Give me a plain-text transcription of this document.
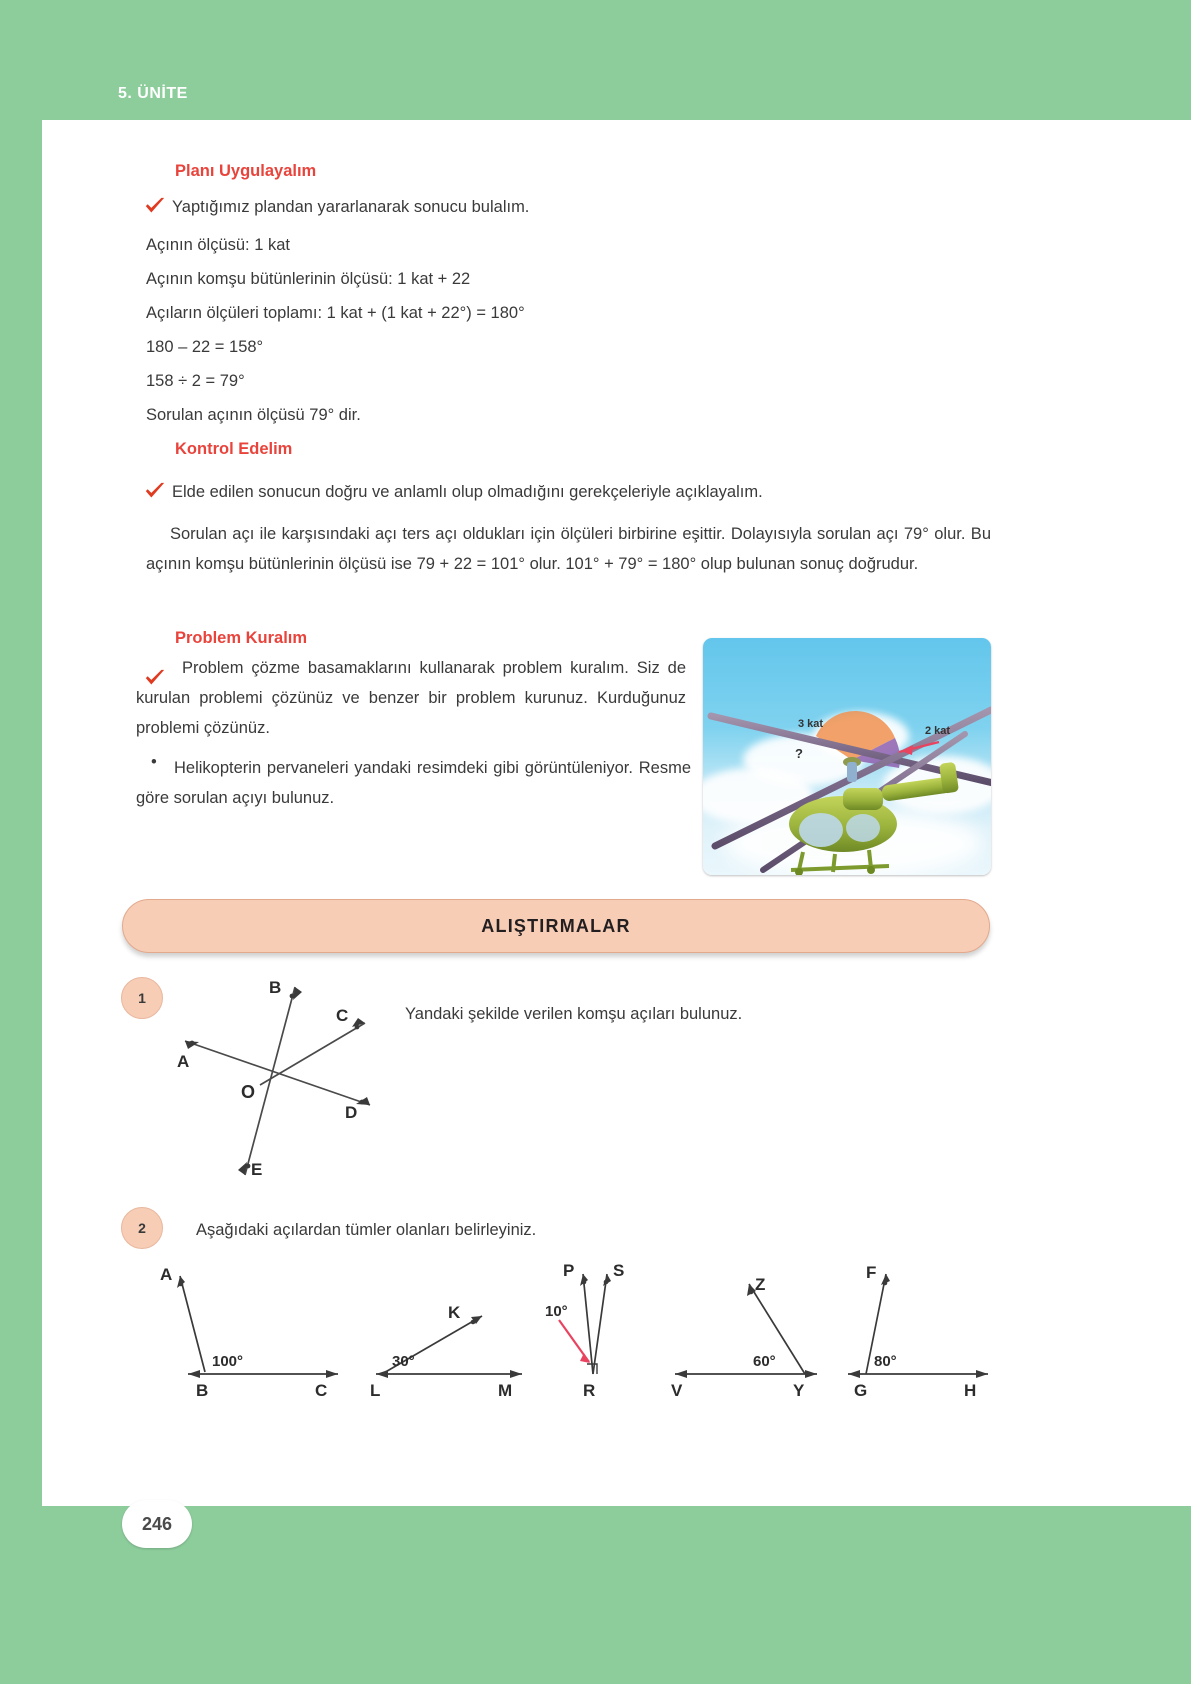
5. ÜNİTE
Planı Uygulayalım
Yaptığımız plandan yararlanarak sonucu bulalım.
Açının ölçüsü: 1 kat
Açının komşu bütünlerinin ölçüsü: 1 kat + 22
Açıların ölçüleri toplamı: 1 kat + (1 kat + 22°) = 180°
180 – 22 = 158°
158 ÷ 2 = 79°
Sorulan açının ölçüsü 79° dir.
Kontrol Edelim
Elde edilen sonucun doğru ve anlamlı olup olmadığını gerekçeleriyle açıklayalım.
Sorulan açı ile karşısındaki açı ters açı oldukları için ölçüleri birbirine eşittir. Dolayısıyla sorulan açı 79° olur. Bu açının komşu bütünlerinin ölçüsü ise 79 + 22 = 101° olur. 101° + 79° = 180° olup bulunan sonuç doğrudur.
Problem Kuralım
Problem çözme basamaklarını kullanarak problem kuralım. Siz de kurulan problemi çözünüz ve benzer bir problem kurunuz. Kurduğunuz problemi çözünüz.
•	Helikopterin pervaneleri yandaki resimdeki gibi görüntüleniyor. Resme göre sorulan açıyı bulunuz.
3 kat
2 kat
?
ALIŞTIRMALAR
1
Yandaki şekilde verilen komşu açıları bulunuz.
A
B
C
D
E
O
2	Aşağıdaki açılardan tümler olanları belirleyiniz.
A
B	C
100°
K
L	M
30°
P S
R
10°
Z
V	Y
60°
F
G	H
80°
246
